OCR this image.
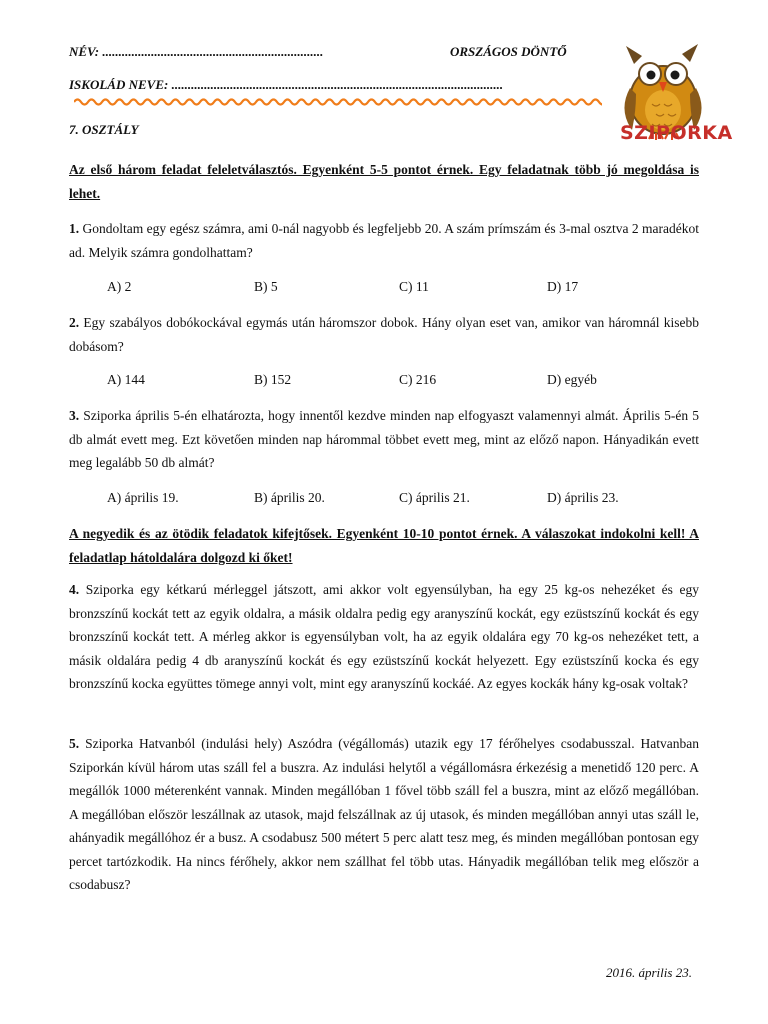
NÉV: ....................................................................	ORSZÁGOS DÖNTŐ
ISKOLÁD NEVE: ......................................................................................................
7. OSZTÁLY	SZIPORKA
Az első három feladat feleletválasztós. Egyenként 5-5 pontot érnek. Egy feladatnak több jó megoldása is lehet.
1. Gondoltam egy egész számra, ami 0-nál nagyobb és legfeljebb 20. A szám prímszám és 3-mal osztva 2 maradékot ad. Melyik számra gondolhattam?
A) 2	B) 5	C) 11	D) 17
2. Egy szabályos dobókockával egymás után háromszor dobok. Hány olyan eset van, amikor van háromnál kisebb dobásom?
A) 144	B) 152	C) 216	D) egyéb
3. Sziporka április 5-én elhatározta, hogy innentől kezdve minden nap elfogyaszt valamennyi almát. Április 5-én 5 db almát evett meg. Ezt követően minden nap hárommal többet evett meg, mint az előző napon. Hányadikán evett meg legalább 50 db almát?
A) április 19.	B) április 20.	C) április 21.	D) április 23.
A negyedik és az ötödik feladatok kifejtősek. Egyenként 10-10 pontot érnek. A válaszokat indokolni kell! A feladatlap hátoldalára dolgozd ki őket!
4. Sziporka egy kétkarú mérleggel játszott, ami akkor volt egyensúlyban, ha egy 25 kg-os nehezéket és egy bronzszínű kockát tett az egyik oldalra, a másik oldalra pedig egy aranyszínű kockát, egy ezüstszínű kockát és egy bronzszínű kockát tett. A mérleg akkor is egyensúlyban volt, ha az egyik oldalára egy 70 kg-os nehezéket tett, a másik oldalára pedig 4 db aranyszínű kockát és egy ezüstszínű kockát helyezett. Egy ezüstszínű kocka és egy bronzszínű kocka együttes tömege annyi volt, mint egy aranyszínű kockáé. Az egyes kockák hány kg-osak voltak?
5. Sziporka Hatvanból (indulási hely) Aszódra (végállomás) utazik egy 17 férőhelyes csodabusszal. Hatvanban Sziporkán kívül három utas száll fel a buszra. Az indulási helytől a végállomásra érkezésig a menetidő 120 perc. A megállók 1000 méterenként vannak. Minden megállóban 1 fővel több száll fel a buszra, mint az előző megállóban. A megállóban először leszállnak az utasok, majd felszállnak az új utasok, és minden megállóban annyi utas száll le, ahányadik megállóhoz ér a busz. A csodabusz 500 métert 5 perc alatt tesz meg, és minden megállóban pontosan egy percet tartózkodik. Ha nincs férőhely, akkor nem szállhat fel több utas. Hányadik megállóban telik meg először a csodabusz?
2016. április 23.
